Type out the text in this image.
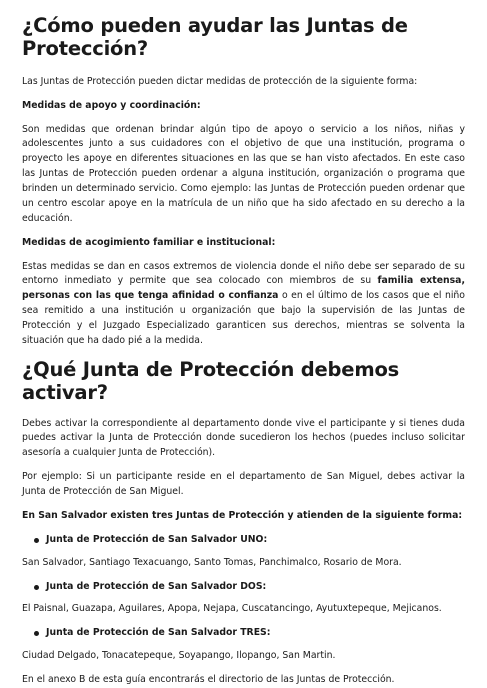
¿Cómo pueden ayudar las Juntas de Protección?

Las Juntas de Protección pueden dictar medidas de protección de la siguiente forma:

Medidas de apoyo y coordinación:

Son medidas que ordenan brindar algún tipo de apoyo o servicio a los niños, niñas y adolescentes junto a sus cuidadores con el objetivo de que una institución, programa o proyecto les apoye en diferentes situaciones en las que se han visto afectados. En este caso las Juntas de Protección pueden ordenar a alguna institución, organización o programa que brinden un determinado servicio. Como ejemplo: las Juntas de Protección pueden ordenar que un centro escolar apoye en la matrícula de un niño que ha sido afectado en su derecho a la educación.

Medidas de acogimiento familiar e institucional:

Estas medidas se dan en casos extremos de violencia donde el niño debe ser separado de su entorno inmediato y permite que sea colocado con miembros de su familia extensa, personas con las que tenga afinidad o confianza o en el último de los casos que el niño sea remitido a una institución u organización que bajo la supervisión de las Juntas de Protección y el Juzgado Especializado garanticen sus derechos, mientras se solventa la situación que ha dado pié a la medida.

¿Qué Junta de Protección debemos activar?

Debes activar la correspondiente al departamento donde vive el participante y si tienes duda puedes activar la Junta de Protección donde sucedieron los hechos (puedes incluso solicitar asesoría a cualquier Junta de Protección).

Por ejemplo: Si un participante reside en el departamento de San Miguel, debes activar la Junta de Protección de San Miguel.

En San Salvador existen tres Juntas de Protección y atienden de la siguiente forma:

Junta de Protección de San Salvador UNO:

San Salvador, Santiago Texacuango, Santo Tomas, Panchimalco, Rosario de Mora.

Junta de Protección de San Salvador DOS:

El Paisnal, Guazapa, Aguilares, Apopa, Nejapa, Cuscatancingo, Ayutuxtepeque, Mejicanos.

Junta de Protección de San Salvador TRES:

Ciudad Delgado, Tonacatepeque, Soyapango, Ilopango, San Martin.

En el anexo B de esta guía encontrarás el directorio de las Juntas de Protección.
